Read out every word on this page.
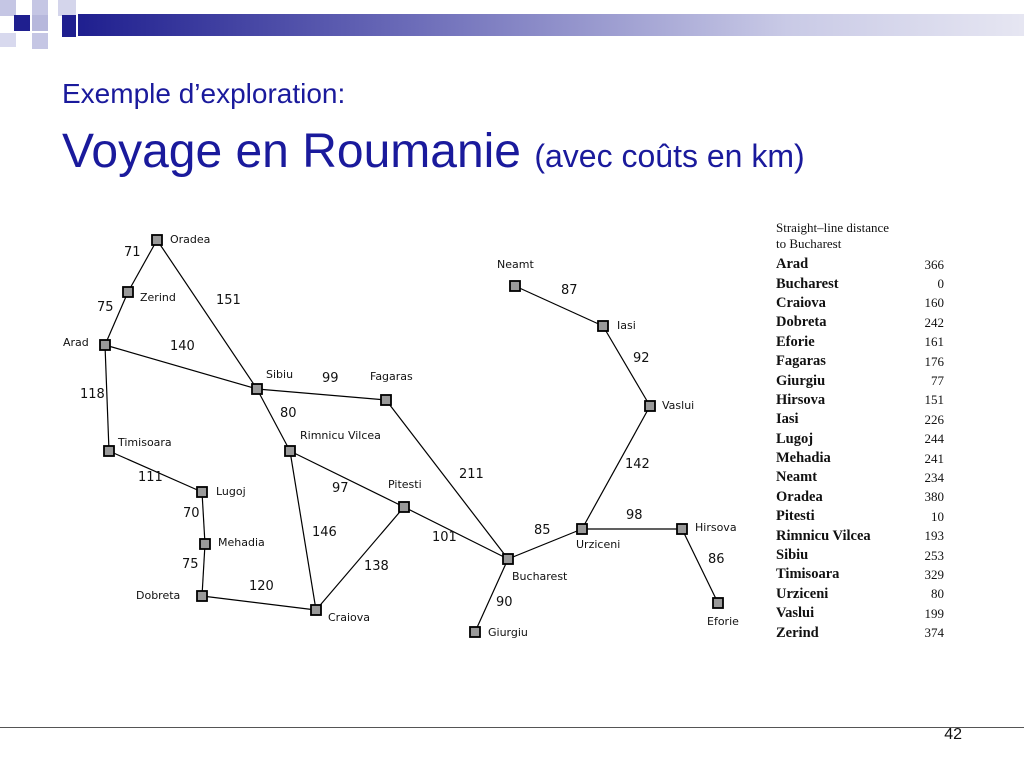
Exemple d’exploration:
Voyage en Roumanie (avec coûts en km)
71
75	151
140
118
111
70
75
120
99
80
97
146
138
211
101
90
85
98
86
142
92
87
Oradea
Zerind
Arad
Timisoara
Lugoj
Mehadia
Dobreta
Sibiu	Fagaras
Rimnicu Vilcea
Pitesti
Craiova
Bucharest
Giurgiu
Urziceni
Hirsova
Eforie
Vaslui
Iasi
Neamt
Straight–line distance
to Bucharest
Arad	366
Bucharest	0
Craiova	160
Dobreta	242
Eforie	161
Fagaras	176
Giurgiu	77
Hirsova	151
Iasi	226
Lugoj	244
Mehadia	241
Neamt	234
Oradea	380
Pitesti	10
Rimnicu Vilcea	193
Sibiu	253
Timisoara	329
Urziceni	80
Vaslui	199
Zerind	374
42
